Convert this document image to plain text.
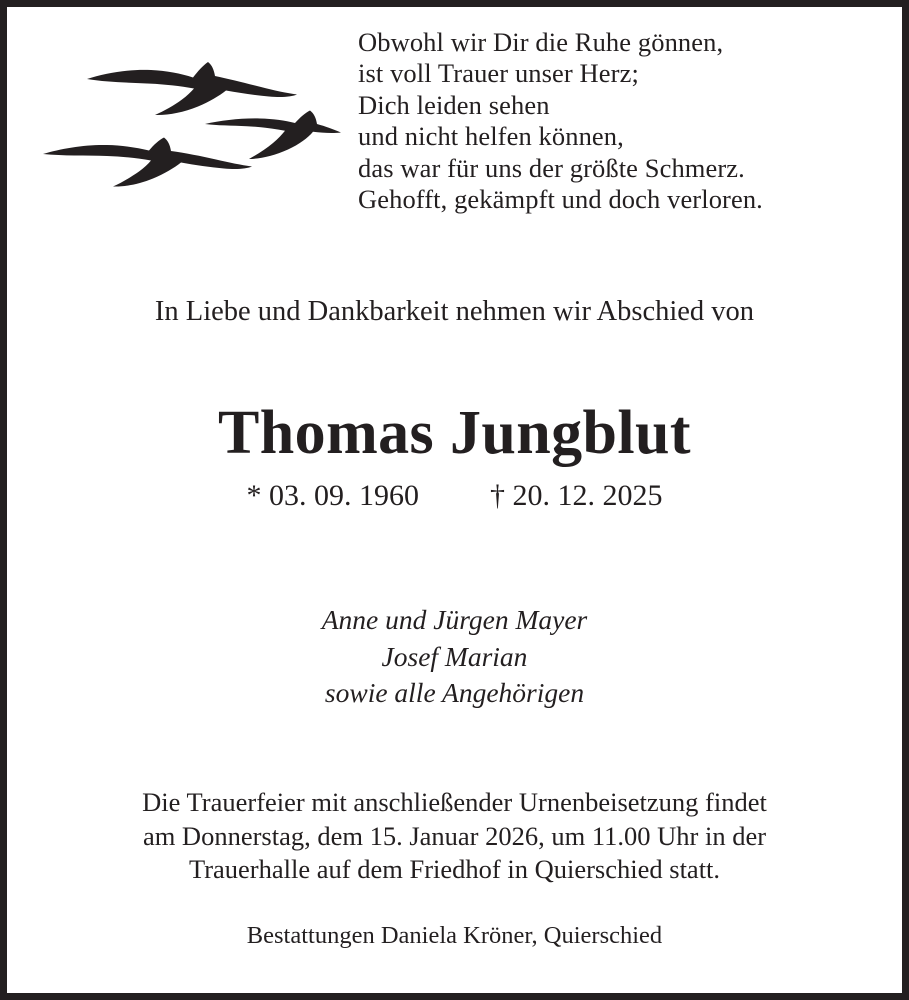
Obwohl wir Dir die Ruhe gönnen,
ist voll Trauer unser Herz;
Dich leiden sehen
und nicht helfen können,
das war für uns der größte Schmerz.
Gehofft, gekämpft und doch verloren.
In Liebe und Dankbarkeit nehmen wir Abschied von
Thomas Jungblut
* 03. 09. 1960 † 20. 12. 2025
Anne und Jürgen Mayer
Josef Marian
sowie alle Angehörigen
Die Trauerfeier mit anschließender Urnenbeisetzung findet
am Donnerstag, dem 15. Januar 2026, um 11.00 Uhr in der
Trauerhalle auf dem Friedhof in Quierschied statt.
Bestattungen Daniela Kröner, Quierschied
